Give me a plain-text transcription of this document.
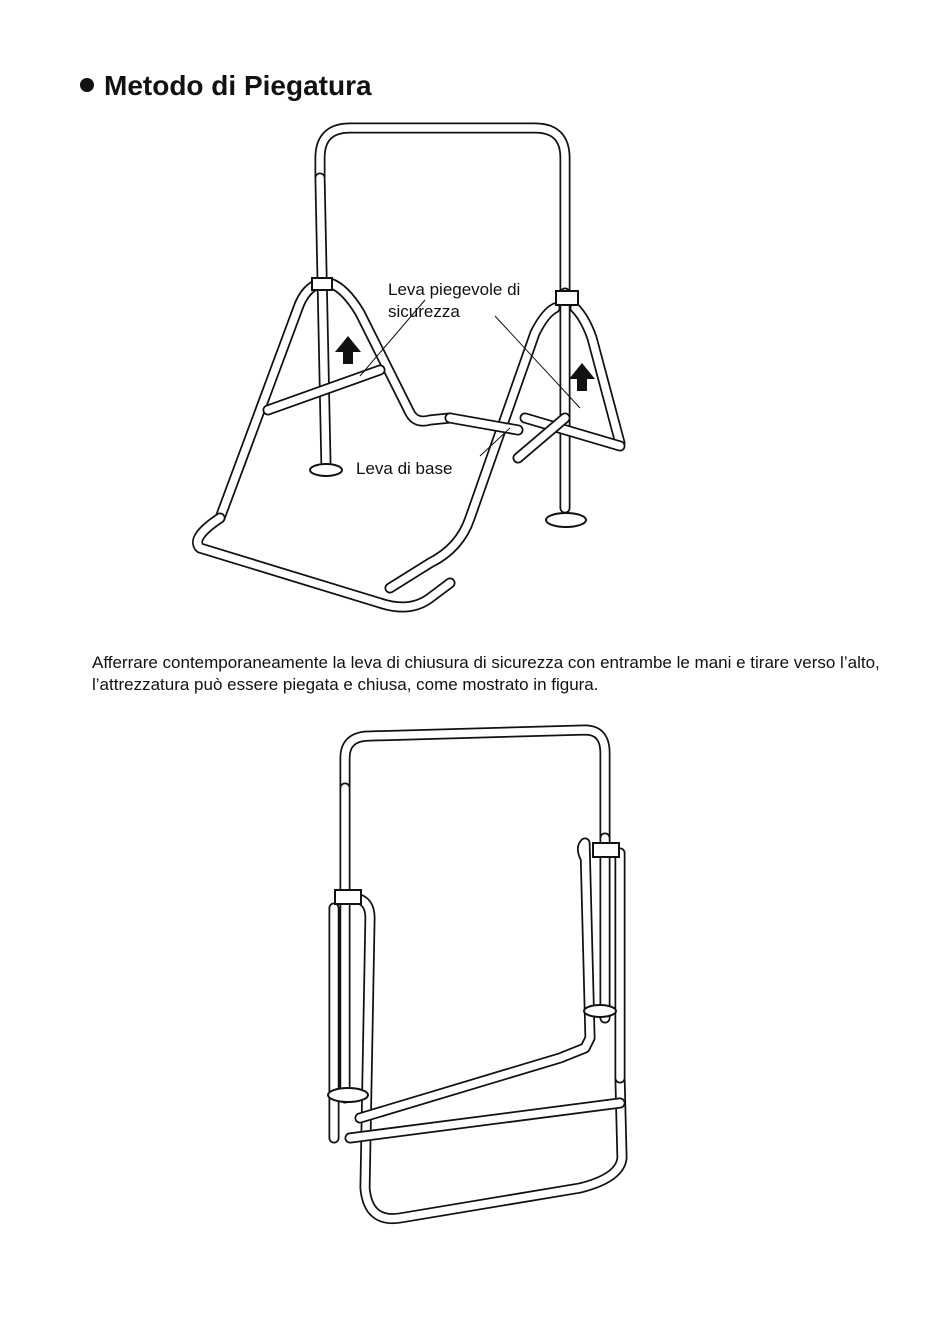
Metodo di Piegatura
Leva piegevole di sicurezza
Leva di base

Afferrare contemporaneamente la leva di chiusura di sicurezza con entrambe le mani e tirare verso l’alto, l’attrezzatura può essere piegata e chiusa, come mostrato in figura.
